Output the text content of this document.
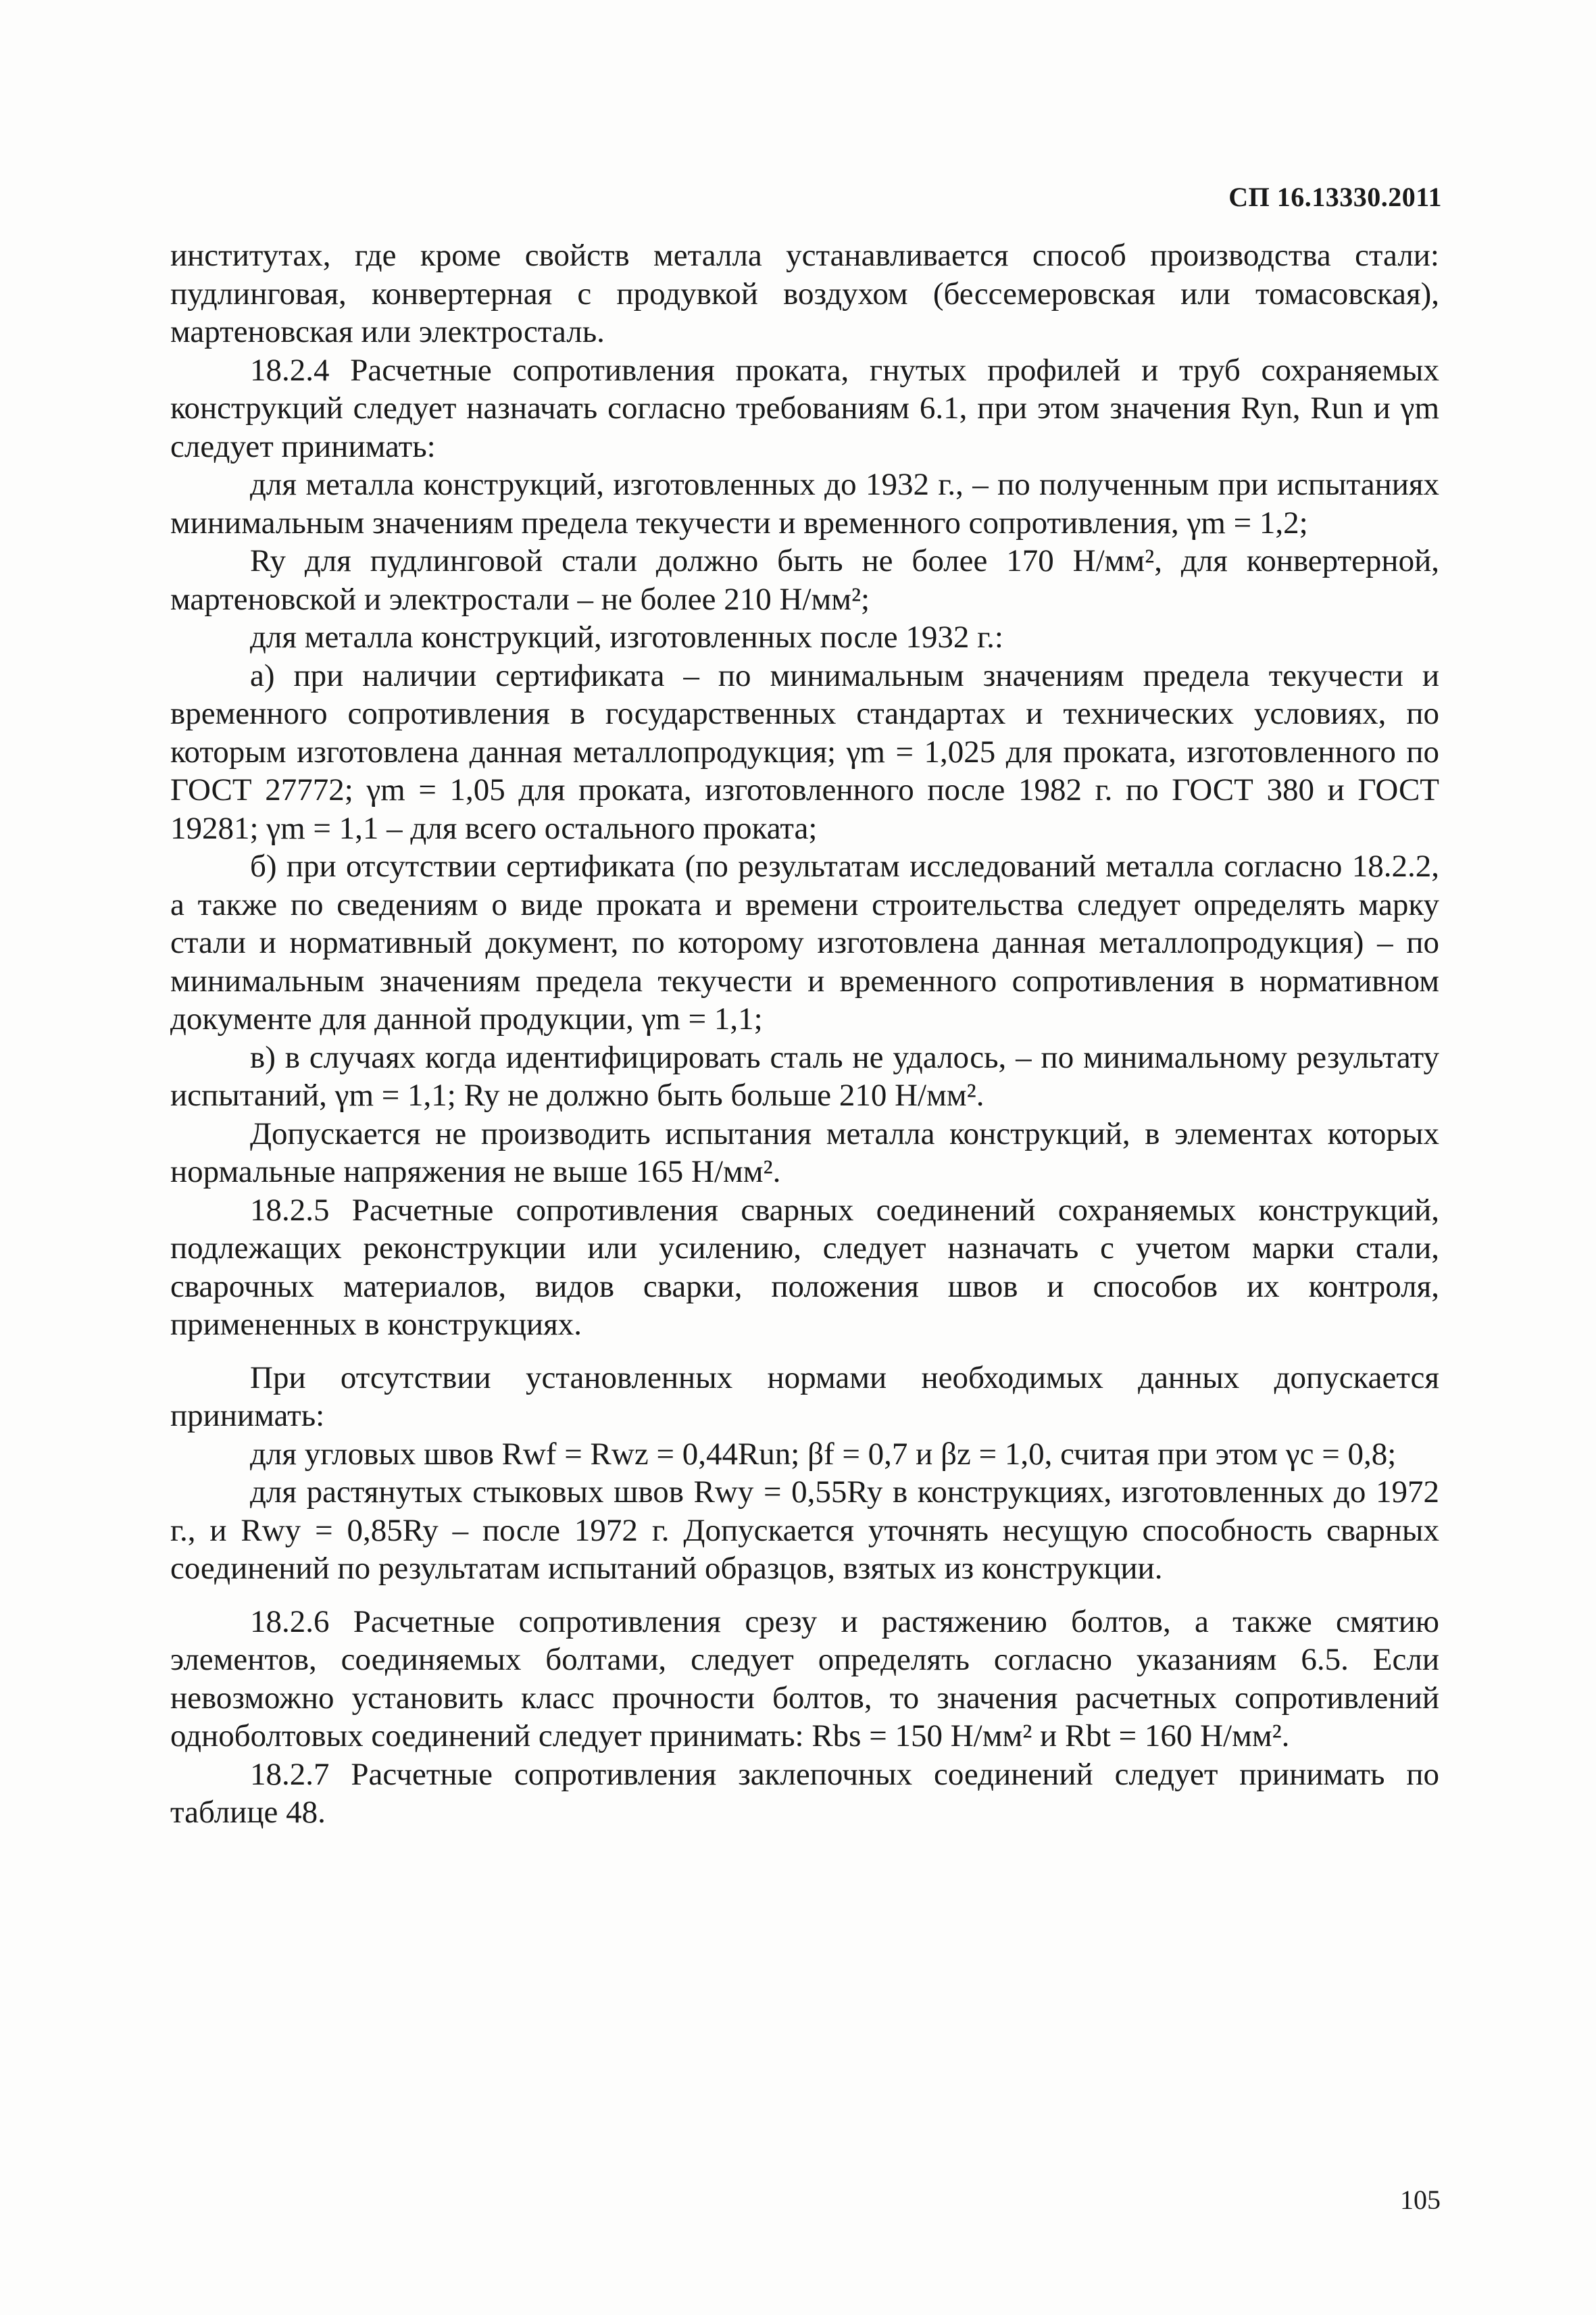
СП 16.13330.2011

институтах, где кроме свойств металла устанавливается способ производства стали: пудлинговая, конвертерная с продувкой воздухом (бессемеровская или томасовская), мартеновская или электросталь.

18.2.4 Расчетные сопротивления проката, гнутых профилей и труб сохраняемых конструкций следует назначать согласно требованиям 6.1, при этом значения Ryn, Run и γm следует принимать:

для металла конструкций, изготовленных до 1932 г., – по полученным при испытаниях минимальным значениям предела текучести и временного сопротивления, γm = 1,2;

Ry для пудлинговой стали должно быть не более 170 Н/мм², для конвертерной, мартеновской и электростали – не более 210 Н/мм²;

для металла конструкций, изготовленных после 1932 г.:

а) при наличии сертификата – по минимальным значениям предела текучести и временного сопротивления в государственных стандартах и технических условиях, по которым изготовлена данная металлопродукция; γm = 1,025 для проката, изготовленного по ГОСТ 27772; γm = 1,05 для проката, изготовленного после 1982 г. по ГОСТ 380 и ГОСТ 19281; γm = 1,1 – для всего остального проката;

б) при отсутствии сертификата (по результатам исследований металла согласно 18.2.2, а также по сведениям о виде проката и времени строительства следует определять марку стали и нормативный документ, по которому изготовлена данная металлопродукция) – по минимальным значениям предела текучести и временного сопротивления в нормативном документе для данной продукции, γm = 1,1;

в) в случаях когда идентифицировать сталь не удалось, – по минимальному результату испытаний, γm = 1,1; Ry не должно быть больше 210 Н/мм².

Допускается не производить испытания металла конструкций, в элементах которых нормальные напряжения не выше 165 Н/мм².

18.2.5 Расчетные сопротивления сварных соединений сохраняемых конструкций, подлежащих реконструкции или усилению, следует назначать с учетом марки стали, сварочных материалов, видов сварки, положения швов и способов их контроля, примененных в конструкциях.

При отсутствии установленных нормами необходимых данных допускается принимать:

для угловых швов Rwf = Rwz = 0,44Run; βf = 0,7 и βz = 1,0, считая при этом γc = 0,8;

для растянутых стыковых швов Rwy = 0,55Ry в конструкциях, изготовленных до 1972 г., и Rwy = 0,85Ry – после 1972 г. Допускается уточнять несущую способность сварных соединений по результатам испытаний образцов, взятых из конструкции.

18.2.6 Расчетные сопротивления срезу и растяжению болтов, а также смятию элементов, соединяемых болтами, следует определять согласно указаниям 6.5. Если невозможно установить класс прочности болтов, то значения расчетных сопротивлений одноболтовых соединений следует принимать: Rbs = 150 Н/мм² и Rbt = 160 Н/мм².

18.2.7 Расчетные сопротивления заклепочных соединений следует принимать по таблице 48.

105
